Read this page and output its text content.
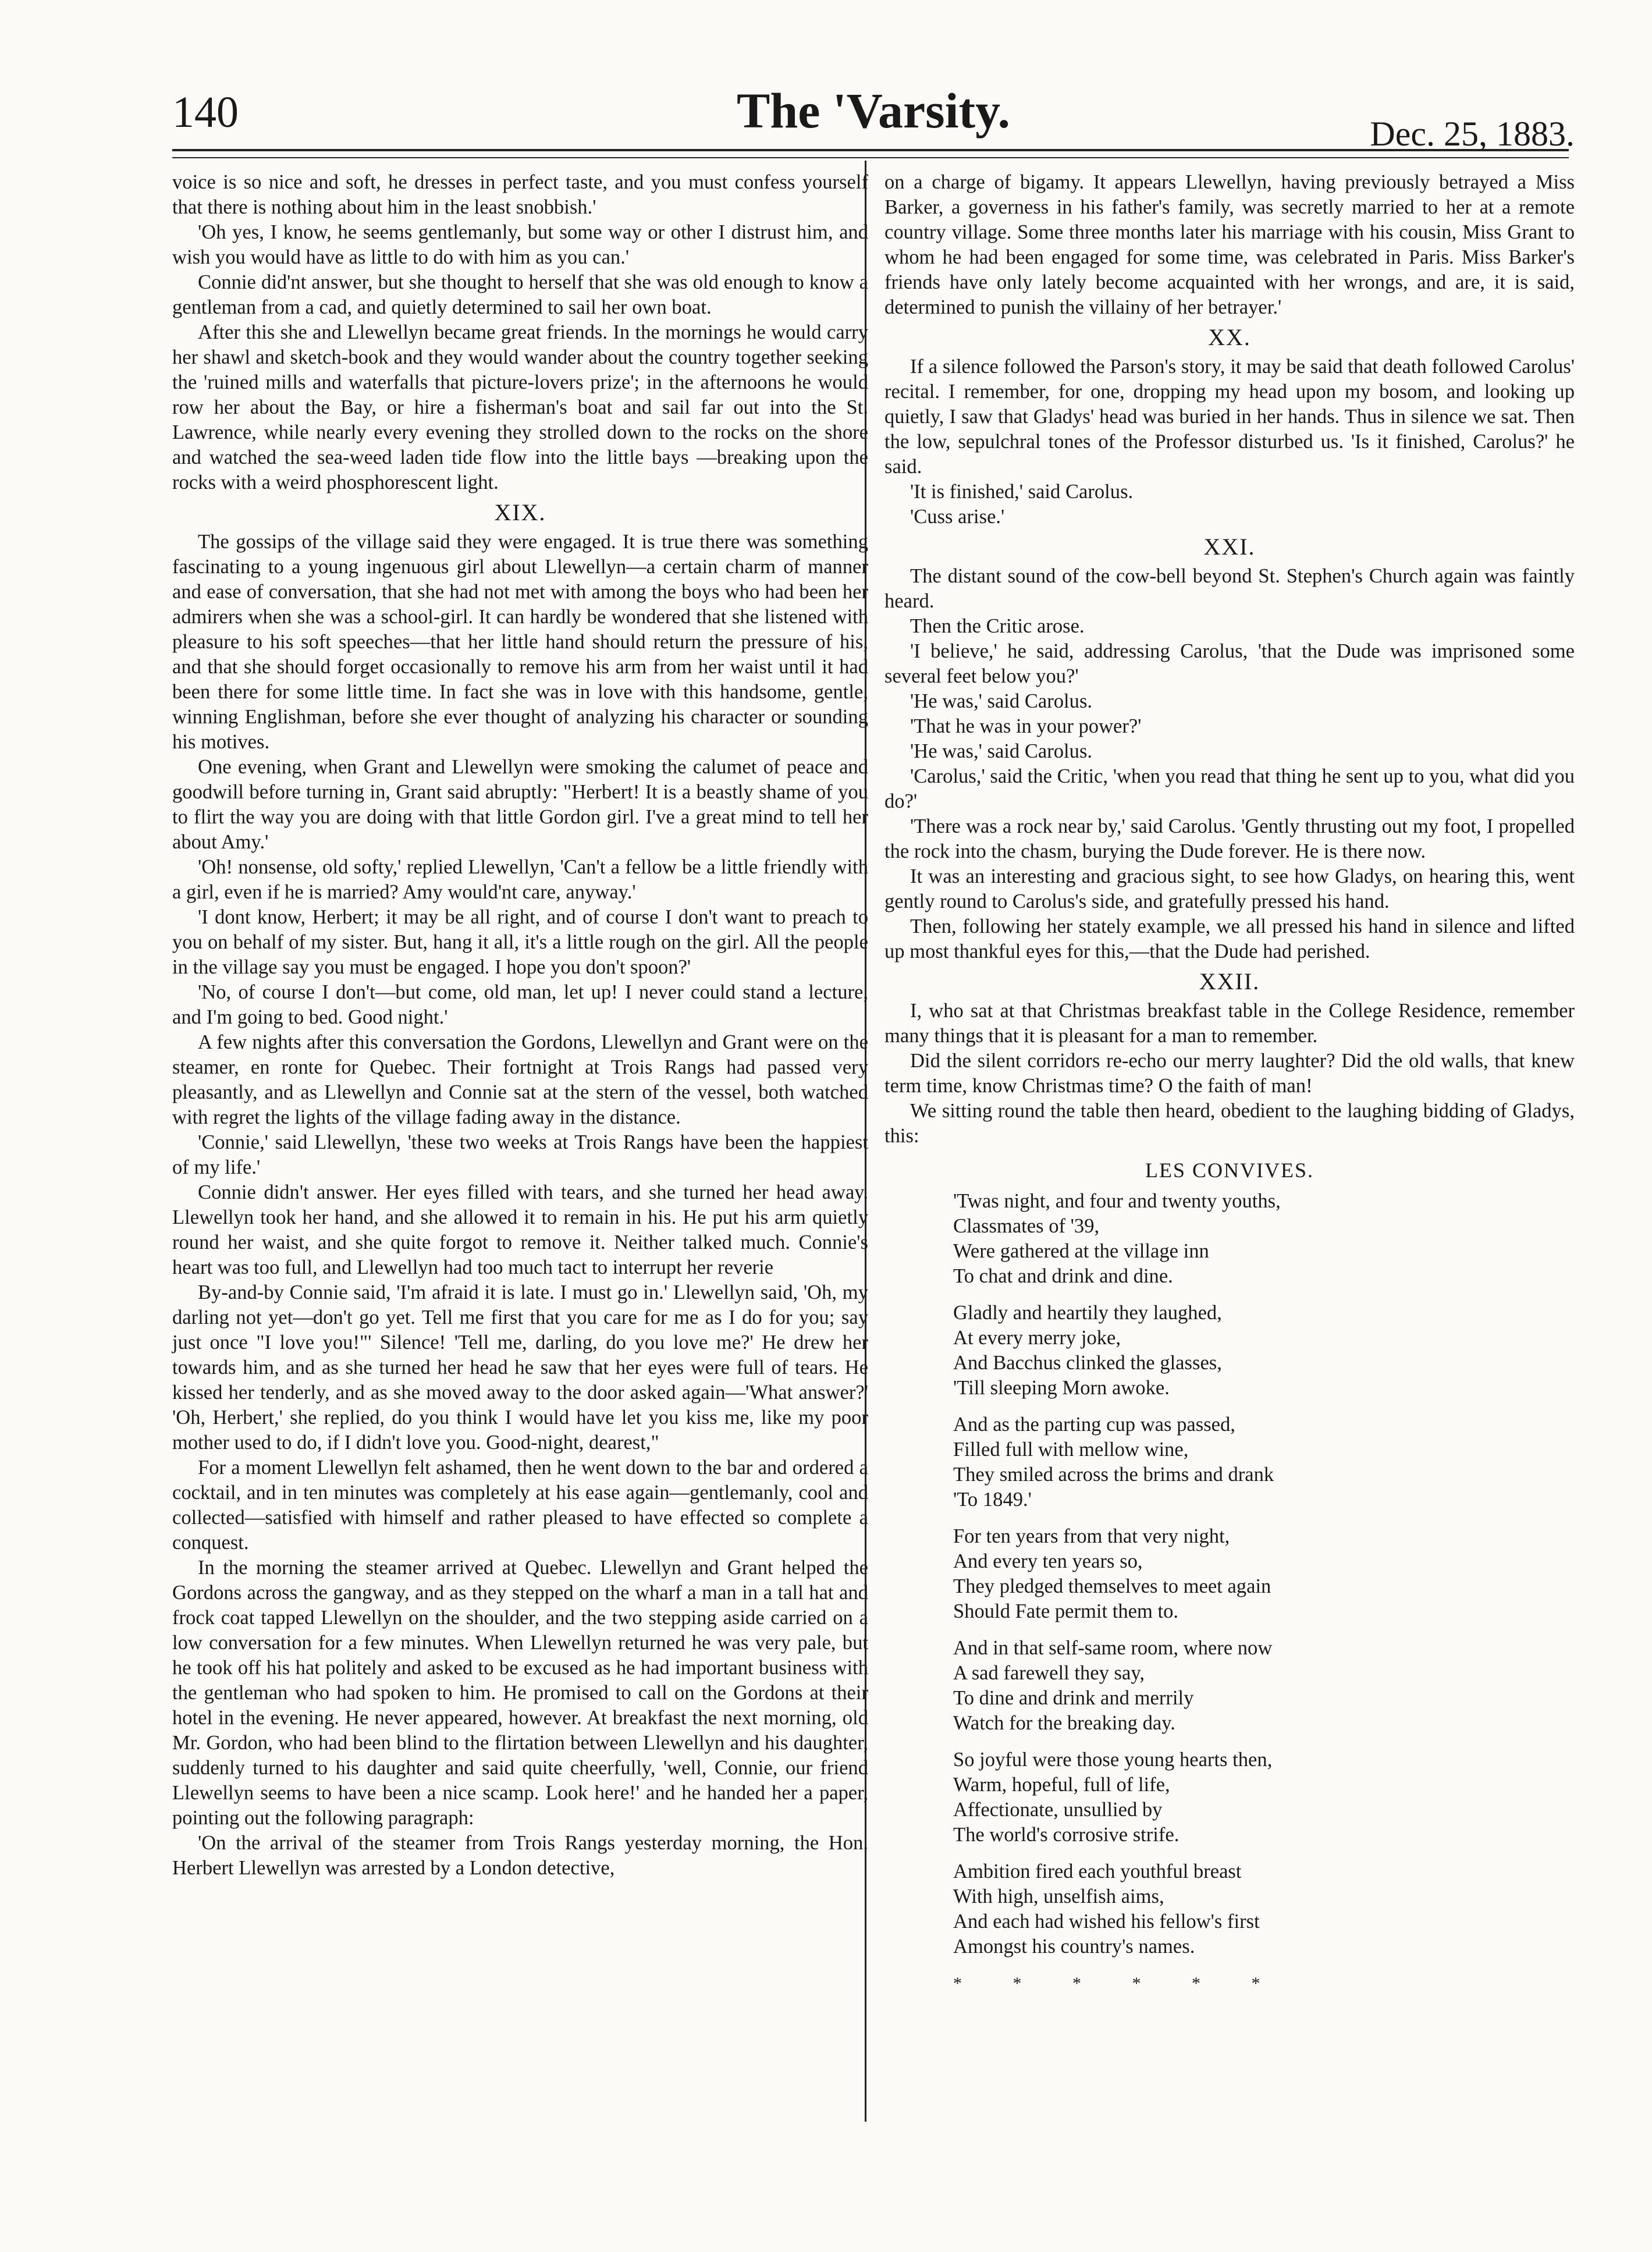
140	The 'Varsity.	Dec. 25, 1883.

voice is so nice and soft, he dresses in perfect taste, and you must confess yourself that there is nothing about him in the least snobbish.'

'Oh yes, I know, he seems gentlemanly, but some way or other I distrust him, and wish you would have as little to do with him as you can.'

Connie did'nt answer, but she thought to herself that she was old enough to know a gentleman from a cad, and quietly determined to sail her own boat.

After this she and Llewellyn became great friends. In the mornings he would carry her shawl and sketch-book and they would wander about the country together seeking the 'ruined mills and waterfalls that picture-lovers prize'; in the afternoons he would row her about the Bay, or hire a fisherman's boat and sail far out into the St. Lawrence, while nearly every evening they strolled down to the rocks on the shore and watched the sea-weed laden tide flow into the little bays —breaking upon the rocks with a weird phosphorescent light.

XIX.

The gossips of the village said they were engaged. It is true there was something fascinating to a young ingenuous girl about Llewellyn—a certain charm of manner and ease of conversation, that she had not met with among the boys who had been her admirers when she was a school-girl. It can hardly be wondered that she listened with pleasure to his soft speeches—that her little hand should return the pressure of his, and that she should forget occasionally to remove his arm from her waist until it had been there for some little time. In fact she was in love with this handsome, gentle, winning Englishman, before she ever thought of analyzing his character or sounding his motives.

One evening, when Grant and Llewellyn were smoking the calumet of peace and goodwill before turning in, Grant said abruptly: "Herbert! It is a beastly shame of you to flirt the way you are doing with that little Gordon girl. I've a great mind to tell her about Amy.'

'Oh! nonsense, old softy,' replied Llewellyn, 'Can't a fellow be a little friendly with a girl, even if he is married? Amy would'nt care, anyway.'

'I dont know, Herbert; it may be all right, and of course I don't want to preach to you on behalf of my sister. But, hang it all, it's a little rough on the girl. All the people in the village say you must be engaged. I hope you don't spoon?'

'No, of course I don't—but come, old man, let up! I never could stand a lecture, and I'm going to bed. Good night.'

A few nights after this conversation the Gordons, Llewellyn and Grant were on the steamer, en ronte for Quebec. Their fortnight at Trois Rangs had passed very pleasantly, and as Llewellyn and Connie sat at the stern of the vessel, both watched with regret the lights of the village fading away in the distance.

'Connie,' said Llewellyn, 'these two weeks at Trois Rangs have been the happiest of my life.'

Connie didn't answer. Her eyes filled with tears, and she turned her head away. Llewellyn took her hand, and she allowed it to remain in his. He put his arm quietly round her waist, and she quite forgot to remove it. Neither talked much. Connie's heart was too full, and Llewellyn had too much tact to interrupt her reverie

By-and-by Connie said, 'I'm afraid it is late. I must go in.' Llewellyn said, 'Oh, my darling not yet—don't go yet. Tell me first that you care for me as I do for you; say just once "I love you!"' Silence! 'Tell me, darling, do you love me?' He drew her towards him, and as she turned her head he saw that her eyes were full of tears. He kissed her tenderly, and as she moved away to the door asked again—'What answer?' 'Oh, Herbert,' she replied, do you think I would have let you kiss me, like my poor mother used to do, if I didn't love you. Good-night, dearest,"

For a moment Llewellyn felt ashamed, then he went down to the bar and ordered a cocktail, and in ten minutes was completely at his ease again—gentlemanly, cool and collected—satisfied with himself and rather pleased to have effected so complete a conquest.

In the morning the steamer arrived at Quebec. Llewellyn and Grant helped the Gordons across the gangway, and as they stepped on the wharf a man in a tall hat and frock coat tapped Llewellyn on the shoulder, and the two stepping aside carried on a low conversation for a few minutes. When Llewellyn returned he was very pale, but he took off his hat politely and asked to be excused as he had important business with the gentleman who had spoken to him. He promised to call on the Gordons at their hotel in the evening. He never appeared, however. At breakfast the next morning, old Mr. Gordon, who had been blind to the flirtation between Llewellyn and his daughter, suddenly turned to his daughter and said quite cheerfully, 'well, Connie, our friend Llewellyn seems to have been a nice scamp. Look here!' and he handed her a paper, pointing out the following paragraph:

'On the arrival of the steamer from Trois Rangs yesterday morning, the Hon. Herbert Llewellyn was arrested by a London detective,

on a charge of bigamy. It appears Llewellyn, having previously betrayed a Miss Barker, a governess in his father's family, was secretly married to her at a remote country village. Some three months later his marriage with his cousin, Miss Grant to whom he had been engaged for some time, was celebrated in Paris. Miss Barker's friends have only lately become acquainted with her wrongs, and are, it is said, determined to punish the villainy of her betrayer.'

XX.

If a silence followed the Parson's story, it may be said that death followed Carolus' recital. I remember, for one, dropping my head upon my bosom, and looking up quietly, I saw that Gladys' head was buried in her hands. Thus in silence we sat. Then the low, sepulchral tones of the Professor disturbed us. 'Is it finished, Carolus?' he said.

'It is finished,' said Carolus.

'Cuss arise.'

XXI.

The distant sound of the cow-bell beyond St. Stephen's Church again was faintly heard.

Then the Critic arose.

'I believe,' he said, addressing Carolus, 'that the Dude was imprisoned some several feet below you?'

'He was,' said Carolus.

'That he was in your power?'

'He was,' said Carolus.

'Carolus,' said the Critic, 'when you read that thing he sent up to you, what did you do?'

'There was a rock near by,' said Carolus. 'Gently thrusting out my foot, I propelled the rock into the chasm, burying the Dude forever. He is there now.

It was an interesting and gracious sight, to see how Gladys, on hearing this, went gently round to Carolus's side, and gratefully pressed his hand.

Then, following her stately example, we all pressed his hand in silence and lifted up most thankful eyes for this,—that the Dude had perished.

XXII.

I, who sat at that Christmas breakfast table in the College Residence, remember many things that it is pleasant for a man to remember.

Did the silent corridors re-echo our merry laughter? Did the old walls, that knew term time, know Christmas time? O the faith of man!

We sitting round the table then heard, obedient to the laughing bidding of Gladys, this:

LES CONVIVES.
'Twas night, and four and twenty youths,
Classmates of '39,
Were gathered at the village inn
To chat and drink and dine.
Gladly and heartily they laughed,
At every merry joke,
And Bacchus clinked the glasses,
'Till sleeping Morn awoke.
And as the parting cup was passed,
Filled full with mellow wine,
They smiled across the brims and drank
'To 1849.'
For ten years from that very night,
And every ten years so,
They pledged themselves to meet again
Should Fate permit them to.
And in that self-same room, where now
A sad farewell they say,
To dine and drink and merrily
Watch for the breaking day.
So joyful were those young hearts then,
Warm, hopeful, full of life,
Affectionate, unsullied by
The world's corrosive strife.
Ambition fired each youthful breast
With high, unselfish aims,
And each had wished his fellow's first
Amongst his country's names.
* * * * * *
